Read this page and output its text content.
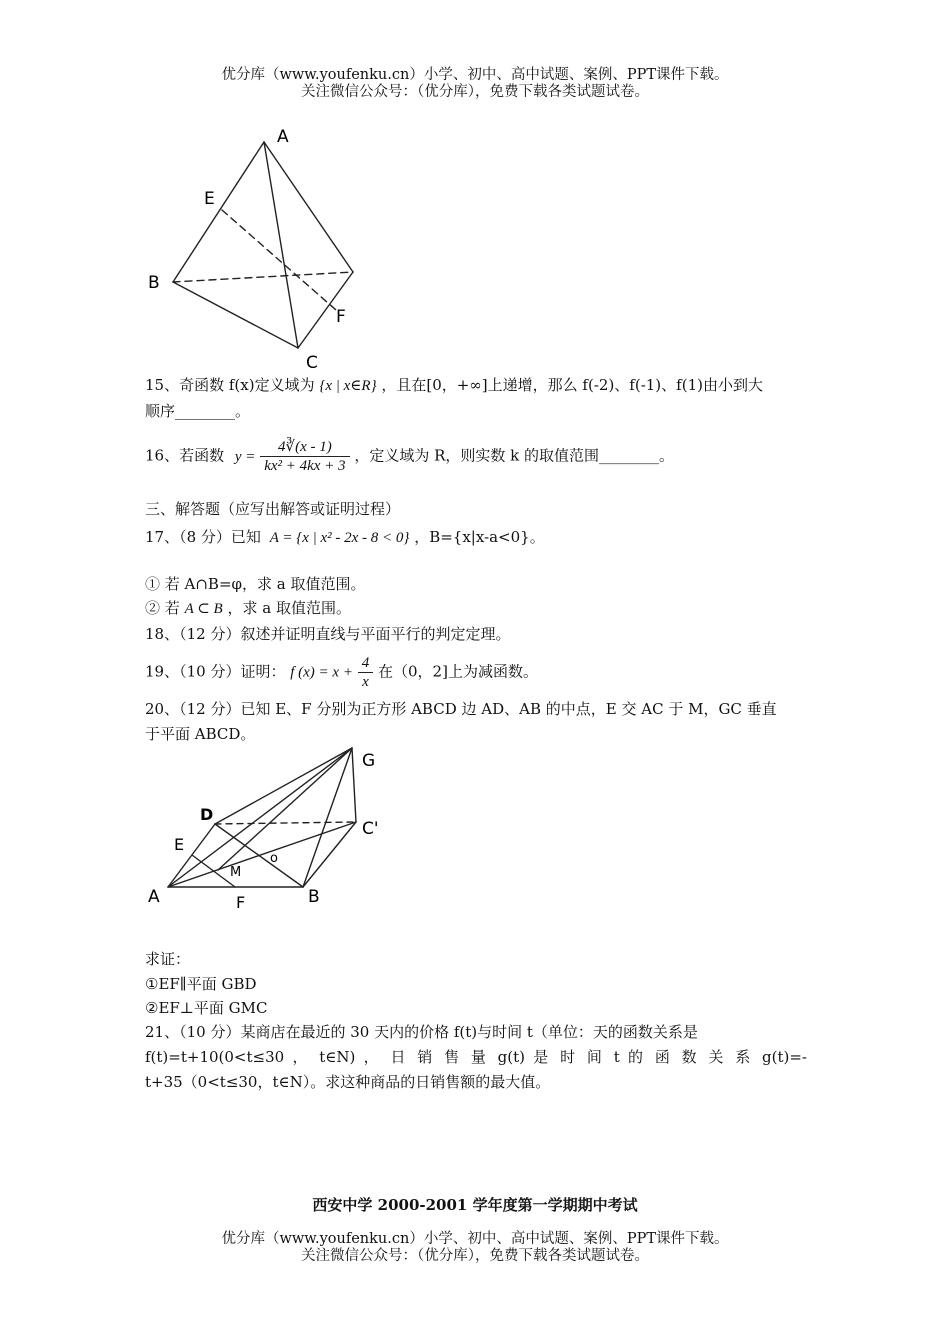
优分库（www.youfenku.cn）小学、初中、高中试题、案例、PPT课件下载。
关注微信公众号：（优分库），免费下载各类试题试卷。
A
E
B
F
C
15、奇函数 f(x)定义域为 {x | x∈R} ，且在[0，+∞]上递增，那么 f(-2)、f(-1)、f(1)由小到大
顺序________。
16、若函数 $y = \frac{4∛(x - 1)}{\text{kx² + 4kx + 3}}$ ，定义域为 R，则实数 k 的取值范围________。
三、解答题（应写出解答或证明过程）
17、（8 分）已知 A = {x | x² - 2x - 8 < 0} ，B={x|x-a<0}。
① 若 A∩B=φ，求 a 取值范围。
② 若 A ⊂ B ，求 a 取值范围。
18、（12 分）叙述并证明直线与平面平行的判定定理。
19、（10 分）证明： f $(x) = x + \frac{4}{x}$ 在（0，2]上为减函数。
20、（12 分）已知 E、F 分别为正方形 ABCD 边 AD、AB 的中点，E 交 AC 于 M，GC 垂直
于平面 ABCD。
G
D
C'
E
o
M
A	F	B
求证：
①EF∥平面 GBD
②EF⊥平面 GMC
21、（10 分）某商店在最近的 30 天内的价格 f(t)与时间 t（单位：天的函数关系是
f(t)=t+10(0<t≤30 ， t∈N) ， 日 销 售 量 g(t) 是 时 间 t 的 函 数 关 系 g(t)=-
t+35（0<t≤30，t∈N）。求这种商品的日销售额的最大值。
西安中学 2000-2001 学年度第一学期期中考试
优分库（www.youfenku.cn）小学、初中、高中试题、案例、PPT课件下载。
关注微信公众号：（优分库），免费下载各类试题试卷。
